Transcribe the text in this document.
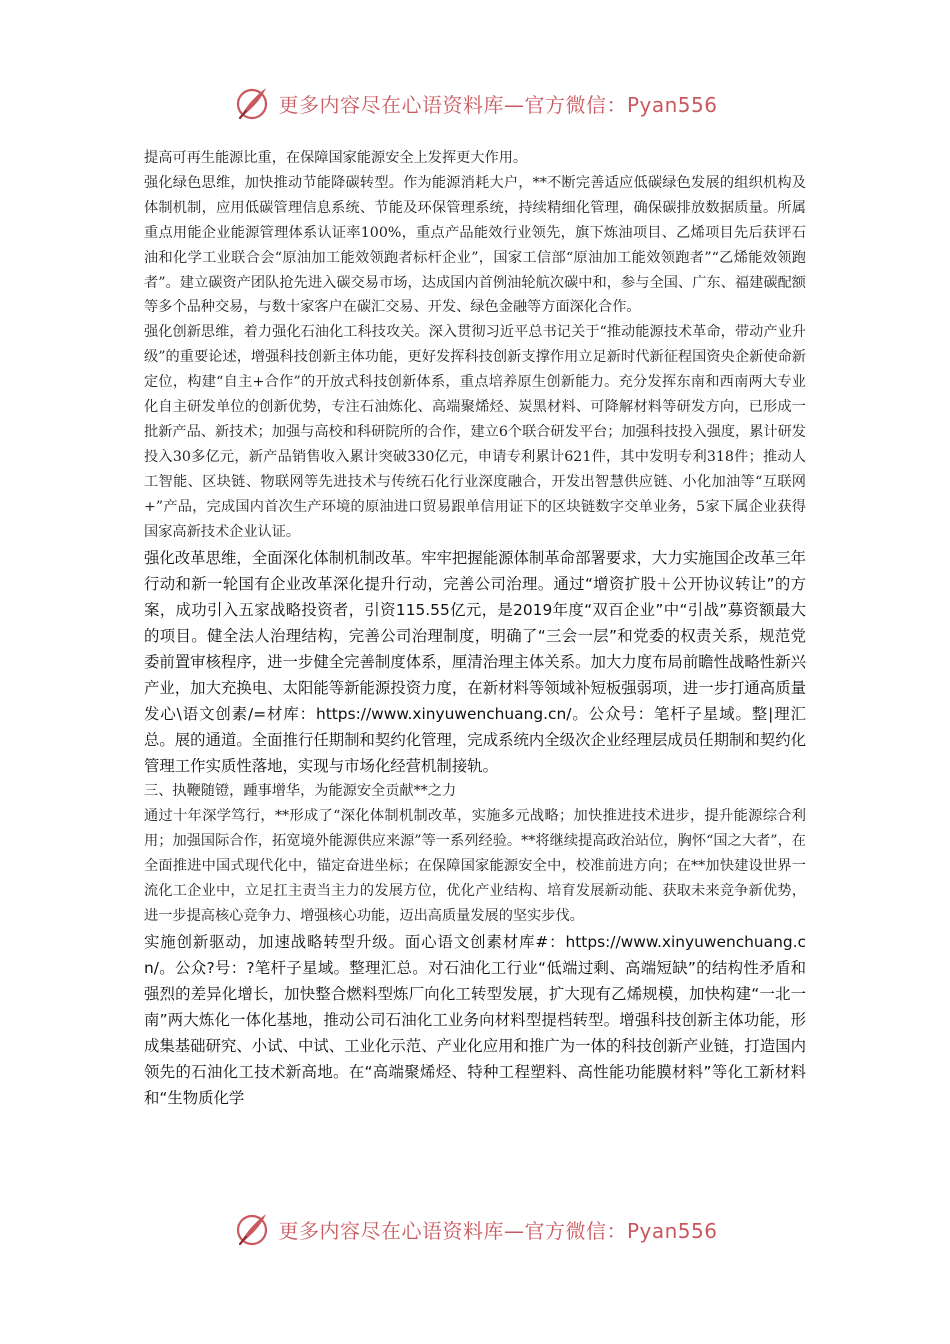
更多内容尽在心语资料库—官方微信：Pyan556

提高可再生能源比重，在保障国家能源安全上发挥更大作用。

强化绿色思维，加快推动节能降碳转型。作为能源消耗大户，**不断完善适应低碳绿色发展的组织机构及体制机制，应用低碳管理信息系统、节能及环保管理系统，持续精细化管理，确保碳排放数据质量。所属重点用能企业能源管理体系认证率100%，重点产品能效行业领先，旗下炼油项目、乙烯项目先后获评石油和化学工业联合会“原油加工能效领跑者标杆企业”，国家工信部“原油加工能效领跑者”“乙烯能效领跑者”。建立碳资产团队抢先进入碳交易市场，达成国内首例油轮航次碳中和，参与全国、广东、福建碳配额等多个品种交易，与数十家客户在碳汇交易、开发、绿色金融等方面深化合作。

强化创新思维，着力强化石油化工科技攻关。深入贯彻习近平总书记关于“推动能源技术革命，带动产业升级”的重要论述，增强科技创新主体功能，更好发挥科技创新支撑作用立足新时代新征程国资央企新使命新定位，构建“自主+合作”的开放式科技创新体系，重点培养原生创新能力。充分发挥东南和西南两大专业化自主研发单位的创新优势，专注石油炼化、高端聚烯烃、炭黑材料、可降解材料等研发方向，已形成一批新产品、新技术；加强与高校和科研院所的合作，建立6个联合研发平台；加强科技投入强度，累计研发投入30多亿元，新产品销售收入累计突破330亿元，申请专利累计621件，其中发明专利318件；推动人工智能、区块链、物联网等先进技术与传统石化行业深度融合，开发出智慧供应链、小化加油等“互联网+”产品，完成国内首次生产环境的原油进口贸易跟单信用证下的区块链数字交单业务，5家下属企业获得国家高新技术企业认证。

强化改革思维，全面深化体制机制改革。牢牢把握能源体制革命部署要求，大力实施国企改革三年行动和新一轮国有企业改革深化提升行动，完善公司治理。通过“增资扩股＋公开协议转让”的方案，成功引入五家战略投资者，引资115.55亿元，是2019年度“双百企业”中“引战”募资额最大的项目。健全法人治理结构，完善公司治理制度，明确了“三会一层”和党委的权责关系，规范党委前置审核程序，进一步健全完善制度体系，厘清治理主体关系。加大力度布局前瞻性战略性新兴产业，加大充换电、太阳能等新能源投资力度，在新材料等领域补短板强弱项，进一步打通高质量发心\语文创素/=材库：https://www.xinyuwenchuang.cn/。公众号：笔杆子星域。整|理汇总。展的通道。全面推行任期制和契约化管理，完成系统内全级次企业经理层成员任期制和契约化管理工作实质性落地，实现与市场化经营机制接轨。

三、执鞭随镫，踵事增华，为能源安全贡献**之力

通过十年深学笃行，**形成了“深化体制机制改革，实施多元战略；加快推进技术进步，提升能源综合利用；加强国际合作，拓宽境外能源供应来源”等一系列经验。**将继续提高政治站位，胸怀“国之大者”，在全面推进中国式现代化中，锚定奋进坐标；在保障国家能源安全中，校准前进方向；在**加快建设世界一流化工企业中，立足扛主责当主力的发展方位，优化产业结构、培育发展新动能、获取未来竞争新优势，进一步提高核心竞争力、增强核心功能，迈出高质量发展的坚实步伐。

实施创新驱动，加速战略转型升级。面心语文创素材库#：https://www.xinyuwenchuang.cn/。公众?号：?笔杆子星域。整理汇总。对石油化工行业“低端过剩、高端短缺”的结构性矛盾和强烈的差异化增长，加快整合燃料型炼厂向化工转型发展，扩大现有乙烯规模，加快构建“一北一南”两大炼化一体化基地，推动公司石油化工业务向材料型提档转型。增强科技创新主体功能，形成集基础研究、小试、中试、工业化示范、产业化应用和推广为一体的科技创新产业链，打造国内领先的石油化工技术新高地。在“高端聚烯烃、特种工程塑料、高性能功能膜材料”等化工新材料和“生物质化学

更多内容尽在心语资料库—官方微信：Pyan556
